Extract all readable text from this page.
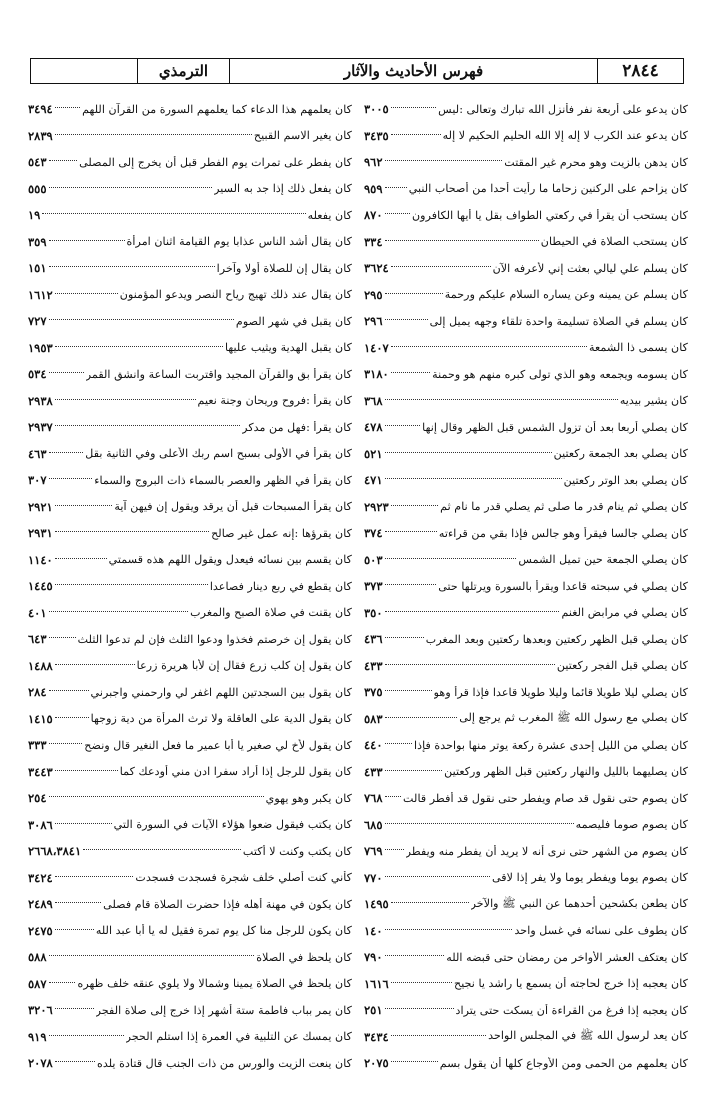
٢٨٤٤
فهرس الأحاديث والآثار
الترمذي
كان يدعو على أربعة نفر فأنزل الله تبارك وتعالى :ليس
٣٠٠٥
كان يدعو عند الكرب لا إله إلا الله الحليم الحكيم لا إله
٣٤٣٥
كان يدهن بالزيت وهو محرم غير المقتت
٩٦٢
كان يزاحم على الركنين زحاما ما رأيت أحدا من أصحاب النبي
٩٥٩
كان يستحب أن يقرأ في ركعتي الطواف بقل يا أيها الكافرون
٨٧٠
كان يستحب الصلاة في الحيطان
٣٣٤
كان يسلم علي ليالي بعثت إني لأعرفه الآن
٣٦٢٤
كان يسلم عن يمينه وعن يساره السلام عليكم ورحمة
٢٩٥
كان يسلم في الصلاة تسليمة واحدة تلقاء وجهه يميل إلى
٢٩٦
كان يسمى ذا الشمعة
١٤٠٧
كان يسومه ويجمعه وهو الذي تولى كبره منهم هو وحمنة
٣١٨٠
كان يشير بيديه
٣٦٨
كان يصلي أربعا بعد أن تزول الشمس قبل الظهر وقال إنها
٤٧٨
كان يصلي بعد الجمعة ركعتين
٥٢١
كان يصلي بعد الوتر ركعتين
٤٧١
كان يصلي ثم ينام قدر ما صلى ثم يصلي قدر ما نام ثم
٢٩٢٣
كان يصلي جالسا فيقرأ وهو جالس فإذا بقي من قراءته
٣٧٤
كان يصلي الجمعة حين تميل الشمس
٥٠٣
كان يصلي في سبحته قاعدا ويقرأ بالسورة ويرتلها حتى
٣٧٣
كان يصلي في مرابض الغنم
٣٥٠
كان يصلي قبل الظهر ركعتين وبعدها ركعتين وبعد المغرب
٤٣٦
كان يصلي قبل الفجر ركعتين
٤٣٣
كان يصلي ليلا طويلا قائما وليلا طويلا قاعدا فإذا قرأ وهو
٣٧٥
كان يصلي مع رسول الله ﷺ المغرب ثم يرجع إلى
٥٨٣
كان يصلي من الليل إحدى عشرة ركعة يوتر منها بواحدة فإذا
٤٤٠
كان يصليهما بالليل والنهار ركعتين قبل الظهر وركعتين
٤٣٣
كان يصوم حتى نقول قد صام ويفطر حتى نقول قد أفطر قالت
٧٦٨
كان يصوم صوما فليصمه
٦٨٥
كان يصوم من الشهر حتى نرى أنه لا يريد أن يفطر منه ويفطر
٧٦٩
كان يصوم يوما ويفطر يوما ولا يفر إذا لاقى
٧٧٠
كان يطعن بكشحين أحدهما عن النبي ﷺ والآخر
١٤٩٥
كان يطوف على نسائه في غسل واحد
١٤٠
كان يعتكف العشر الأواخر من رمضان حتى قبضه الله
٧٩٠
كان يعجبه إذا خرج لحاجته أن يسمع يا راشد يا نجيح
١٦١٦
كان يعجبه إذا فرغ من القراءة أن يسكت حتى يتراد
٢٥١
كان يعد لرسول الله ﷺ في المجلس الواحد
٣٤٣٤
كان يعلمهم من الحمى ومن الأوجاع كلها أن يقول بسم
٢٠٧٥
كان يعلمهم هذا الدعاء كما يعلمهم السورة من القرآن اللهم
٣٤٩٤
كان يغير الاسم القبيح
٢٨٣٩
كان يفطر على تمرات يوم الفطر قبل أن يخرج إلى المصلى
٥٤٣
كان يفعل ذلك إذا جد به السير
٥٥٥
كان يفعله
١٩
كان يقال أشد الناس عذابا يوم القيامة اثنان امرأة
٣٥٩
كان يقال إن للصلاة أولا وآخرا
١٥١
كان يقال عند ذلك تهيج رياح النصر ويدعو المؤمنون
١٦١٢
كان يقبل في شهر الصوم
٧٢٧
كان يقبل الهدية ويثيب عليها
١٩٥٣
كان يقرأ بق والقرآن المجيد واقتربت الساعة وانشق القمر
٥٣٤
كان يقرأ :فروح وريحان وجنة نعيم
٢٩٣٨
كان يقرأ :فهل من مدكر
٢٩٣٧
كان يقرأ في الأولى بسبح اسم ربك الأعلى وفي الثانية بقل
٤٦٣
كان يقرأ في الظهر والعصر بالسماء ذات البروج والسماء
٣٠٧
كان يقرأ المسبحات قبل أن يرقد ويقول إن فيهن آية
٢٩٢١
كان يقرؤها :إنه عمل غير صالح
٢٩٣١
كان يقسم بين نسائه فيعدل ويقول اللهم هذه قسمتي
١١٤٠
كان يقطع في ربع دينار فصاعدا
١٤٤٥
كان يقنت في صلاة الصبح والمغرب
٤٠١
كان يقول إن خرصتم فخذوا ودعوا الثلث فإن لم تدعوا الثلث
٦٤٣
كان يقول إن كلب زرع فقال إن لأبا هريرة زرعا
١٤٨٨
كان يقول بين السجدتين اللهم اغفر لي وارحمني واجبرني
٢٨٤
كان يقول الدية على العاقلة ولا ترث المرأة من دية زوجها
١٤١٥
كان يقول لأخ لي صغير يا أبا عمير ما فعل النغير قال ونضح
٣٣٣
كان يقول للرجل إذا أراد سفرا ادن مني أودعك كما
٣٤٤٣
كان يكبر وهو يهوي
٢٥٤
كان يكتب فيقول ضعوا هؤلاء الآيات في السورة التي
٣٠٨٦
كان يكتب وكنت لا أكتب
٢٦٦٨،٣٨٤١
كأني كنت أصلي خلف شجرة فسجدت فسجدت
٣٤٢٤
كان يكون في مهنة أهله فإذا حضرت الصلاة قام فصلى
٢٤٨٩
كان يكون للرجل منا كل يوم تمرة فقيل له يا أبا عبد الله
٢٤٧٥
كان يلحظ في الصلاة
٥٨٨
كان يلحظ في الصلاة يمينا وشمالا ولا يلوي عنقه خلف ظهره
٥٨٧
كان يمر بباب فاطمة ستة أشهر إذا خرج إلى صلاة الفجر
٣٢٠٦
كان يمسك عن التلبية في العمرة إذا استلم الحجر
٩١٩
كان ينعت الزيت والورس من ذات الجنب قال قتادة يلده
٢٠٧٨
